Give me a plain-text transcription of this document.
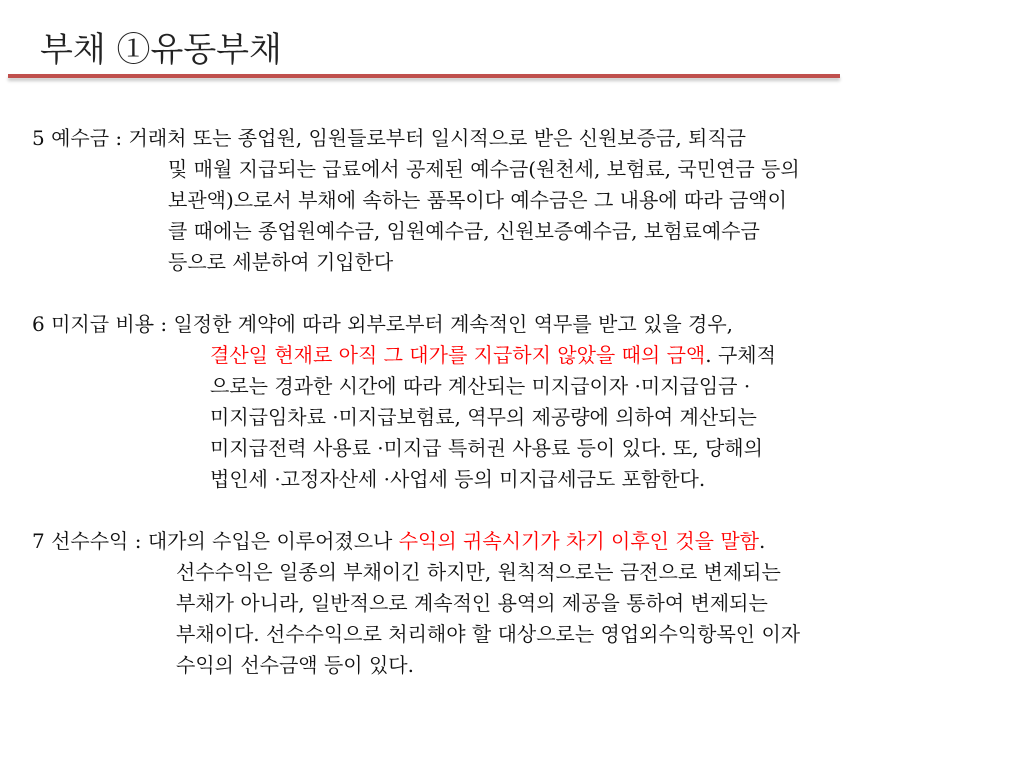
부채 ①유동부채
5 예수금 : 거래처 또는 종업원, 임원들로부터 일시적으로 받은 신원보증금, 퇴직금
및 매월 지급되는 급료에서 공제된 예수금(원천세, 보험료, 국민연금 등의
보관액)으로서 부채에 속하는 품목이다 예수금은 그 내용에 따라 금액이
클 때에는 종업원예수금, 임원예수금, 신원보증예수금, 보험료예수금
등으로 세분하여 기입한다
6 미지급 비용 : 일정한 계약에 따라 외부로부터 계속적인 역무를 받고 있을 경우,
결산일 현재로 아직 그 대가를 지급하지 않았을 때의 금액. 구체적
으로는 경과한 시간에 따라 계산되는 미지급이자 ·미지급임금 ·
미지급임차료 ·미지급보험료, 역무의 제공량에 의하여 계산되는
미지급전력 사용료 ·미지급 특허권 사용료 등이 있다. 또, 당해의
법인세 ·고정자산세 ·사업세 등의 미지급세금도 포함한다.
7 선수수익 : 대가의 수입은 이루어졌으나 수익의 귀속시기가 차기 이후인 것을 말함.
선수수익은 일종의 부채이긴 하지만, 원칙적으로는 금전으로 변제되는
부채가 아니라, 일반적으로 계속적인 용역의 제공을 통하여 변제되는
부채이다. 선수수익으로 처리해야 할 대상으로는 영업외수익항목인 이자
수익의 선수금액 등이 있다.
